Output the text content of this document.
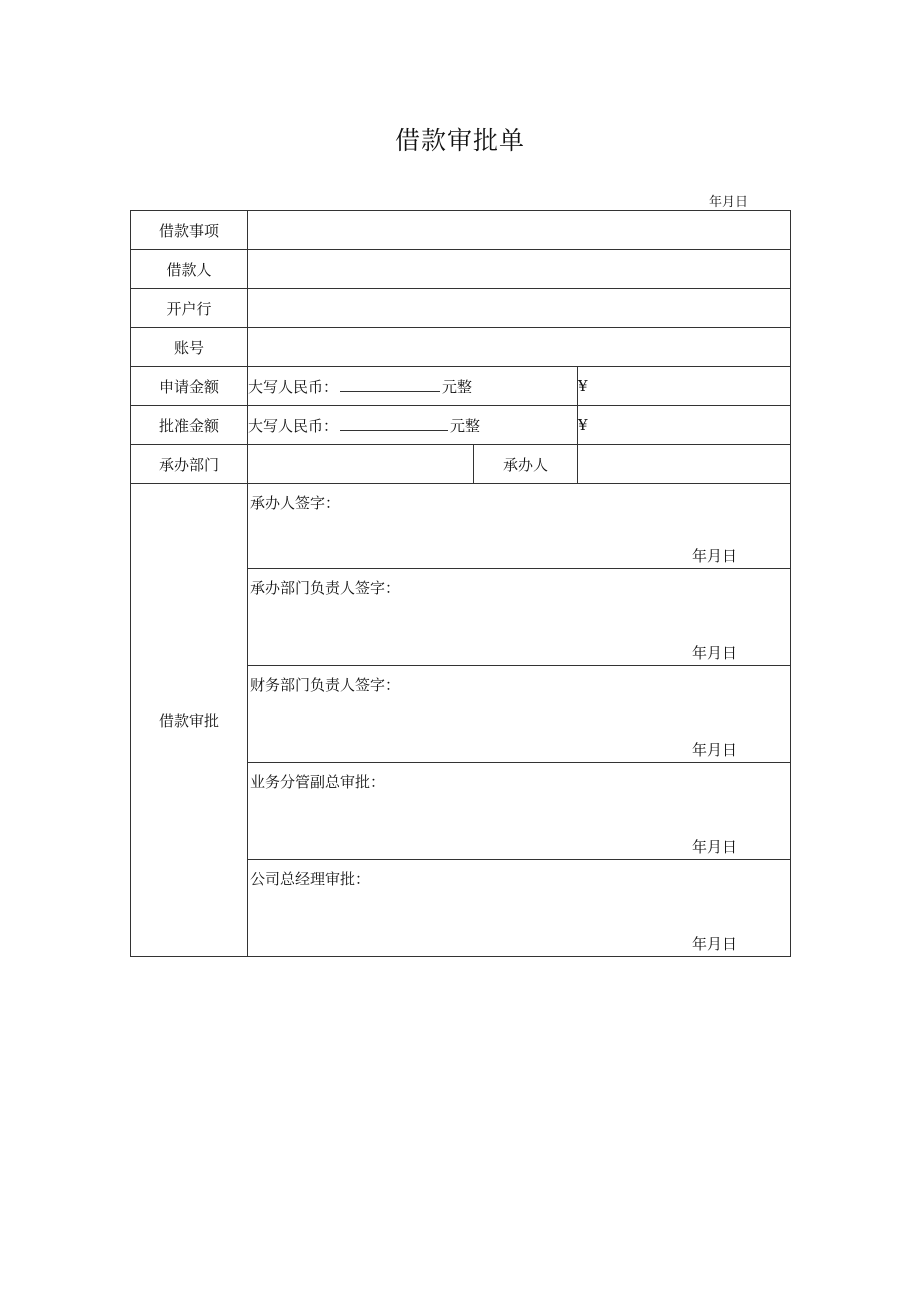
借款审批单
年月日
借款事项			
借款人			
开户行			
账号			
申请金额	大写人民币： 元整		¥
批准金额	大写人民币： 元整		¥
承办部门		承办人	
借款审批	承办人签字：
年月日		

	承办部门负责人签字：
年月日		

	财务部门负责人签字：
年月日		

	业务分管副总审批：
年月日		

	公司总经理审批：
年月日		
